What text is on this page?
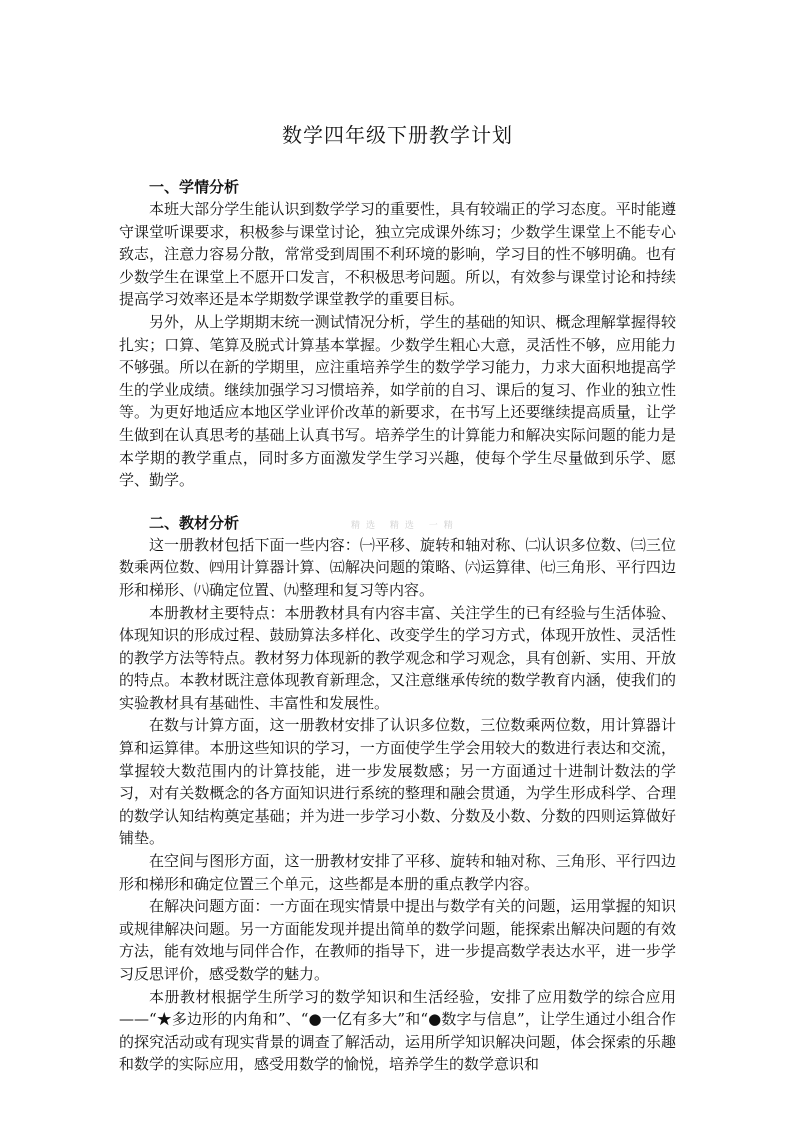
数学四年级下册教学计划
一、学情分析

本班大部分学生能认识到数学学习的重要性，具有较端正的学习态度。平时能遵守课堂听课要求，积极参与课堂讨论，独立完成课外练习；少数学生课堂上不能专心致志，注意力容易分散，常常受到周围不利环境的影响，学习目的性不够明确。也有少数学生在课堂上不愿开口发言，不积极思考问题。所以，有效参与课堂讨论和持续提高学习效率还是本学期数学课堂教学的重要目标。

另外，从上学期期末统一测试情况分析，学生的基础的知识、概念理解掌握得较扎实；口算、笔算及脱式计算基本掌握。少数学生粗心大意，灵活性不够，应用能力不够强。所以在新的学期里，应注重培养学生的数学学习能力，力求大面积地提高学生的学业成绩。继续加强学习习惯培养，如学前的自习、课后的复习、作业的独立性等。为更好地适应本地区学业评价改革的新要求，在书写上还要继续提高质量，让学生做到在认真思考的基础上认真书写。培养学生的计算能力和解决实际问题的能力是本学期的教学重点，同时多方面激发学生学习兴趣，使每个学生尽量做到乐学、愿学、勤学。

二、教材分析	精选 精选 一精

这一册教材包括下面一些内容：㈠平移、旋转和轴对称、㈡认识多位数、㈢三位数乘两位数、㈣用计算器计算、㈤解决问题的策略、㈥运算律、㈦三角形、平行四边形和梯形、㈧确定位置、㈨整理和复习等内容。

本册教材主要特点：本册教材具有内容丰富、关注学生的已有经验与生活体验、体现知识的形成过程、鼓励算法多样化、改变学生的学习方式，体现开放性、灵活性的教学方法等特点。教材努力体现新的教学观念和学习观念，具有创新、实用、开放的特点。本教材既注意体现教育新理念，又注意继承传统的数学教育内涵，使我们的实验教材具有基础性、丰富性和发展性。

在数与计算方面，这一册教材安排了认识多位数，三位数乘两位数，用计算器计算和运算律。本册这些知识的学习，一方面使学生学会用较大的数进行表达和交流，掌握较大数范围内的计算技能，进一步发展数感；另一方面通过十进制计数法的学习，对有关数概念的各方面知识进行系统的整理和融会贯通，为学生形成科学、合理的数学认知结构奠定基础；并为进一步学习小数、分数及小数、分数的四则运算做好铺垫。

在空间与图形方面，这一册教材安排了平移、旋转和轴对称、三角形、平行四边形和梯形和确定位置三个单元，这些都是本册的重点教学内容。

在解决问题方面：一方面在现实情景中提出与数学有关的问题，运用掌握的知识或规律解决问题。另一方面能发现并提出简单的数学问题，能探索出解决问题的有效方法，能有效地与同伴合作，在教师的指导下，进一步提高数学表达水平，进一步学习反思评价，感受数学的魅力。

本册教材根据学生所学习的数学知识和生活经验，安排了应用数学的综合应用——“★多边形的内角和”、“●一亿有多大”和“●数字与信息”，让学生通过小组合作的探究活动或有现实背景的调查了解活动，运用所学知识解决问题，体会探索的乐趣和数学的实际应用，感受用数学的愉悦，培养学生的数学意识和
